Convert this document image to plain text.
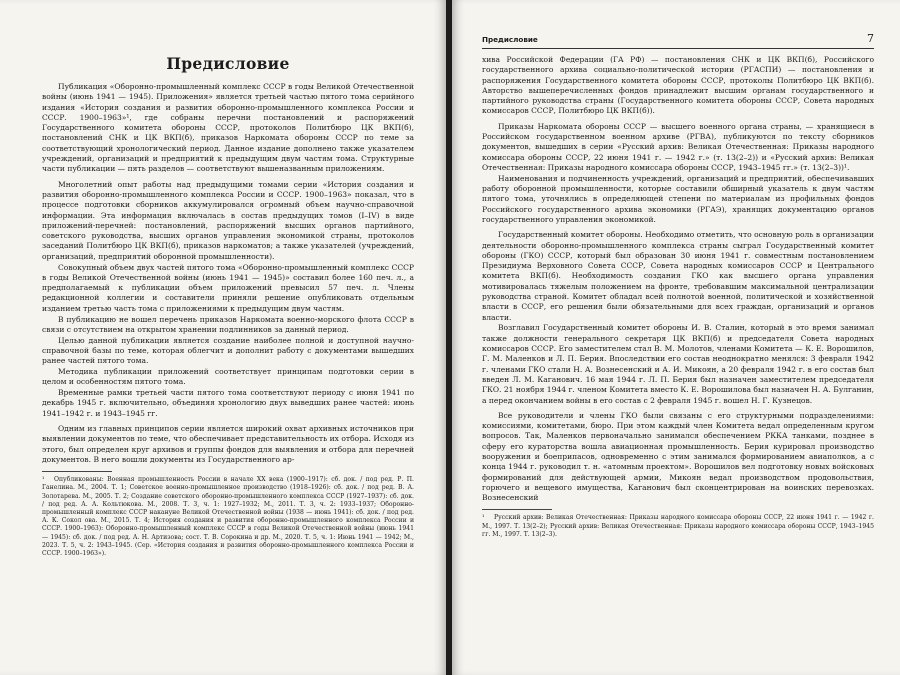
Предисловие

Публикация «Оборонно-промышленный комплекс СССР в годы Великой Отечественной войны (июнь 1941 — 1945). Приложения» является третьей частью пятого тома серийного издания «История создания и развития оборонно-промышленного комплекса России и СССР. 1900–1963»¹, где собраны перечни постановлений и распоряжений Государственного комитета обороны СССР, протоколов Политбюро ЦК ВКП(б), постановлений СНК и ЦК ВКП(б), приказов Наркомата обороны СССР по теме за соответствующий хронологический период. Данное издание дополнено также указателем учреждений, организаций и предприятий к предыдущим двум частям тома. Структурные части публикации — пять разделов — соответствуют вышеназванным приложениям.

Многолетний опыт работы над предыдущими томами серии «История создания и развития оборонно-промышленного комплекса России и СССР. 1900–1963» показал, что в процессе подготовки сборников аккумулировался огромный объем научно-справочной информации. Эта информация включалась в состав предыдущих томов (I–IV) в виде приложений-перечней: постановлений, распоряжений высших органов партийного, советского руководства, высших органов управления экономикой страны, протоколов заседаний Политбюро ЦК ВКП(б), приказов наркоматов; а также указателей (учреждений, организаций, предприятий оборонной промышленности).

Совокупный объем двух частей пятого тома «Оборонно-промышленный комплекс СССР в годы Великой Отечественной войны (июнь 1941 — 1945)» составил более 160 печ. л., а предполагаемый к публикации объем приложений превысил 57 печ. л. Члены редакционной коллегии и составители приняли решение опубликовать отдельным изданием третью часть тома с приложениями к предыдущим двум частям.

В публикацию не вошел перечень приказов Наркомата военно-морского флота СССР в связи с отсутствием на открытом хранении подлинников за данный период.

Целью данной публикации является создание наиболее полной и доступной научно-справочной базы по теме, которая облегчит и дополнит работу с документами вышедших ранее частей пятого тома.

Методика публикации приложений соответствует принципам подготовки серии в целом и особенностям пятого тома.

Временные рамки третьей части пятого тома соответствуют периоду с июня 1941 по декабрь 1945 г. включительно, объединяя хронологию двух выведших ранее частей: июнь 1941–1942 г. и 1943–1945 гг.

Одним из главных принципов серии является широкий охват архивных источников при выявлении документов по теме, что обеспечивает представительность их отбора. Исходя из этого, был определен круг архивов и группы фондов для выявления и отбора для перечней документов. В него вошли документы из Государственного ар-

¹ Опубликованы: Военная промышленность России в начале XX века (1900–1917): сб. док. / под ред. Р. П. Ганелина. М., 2004. Т. 1; Советское военно-промышленное производство (1918–1926): сб. док. / под ред. В. А. Золотарева. М., 2005. Т. 2; Создание советского оборонно-промышленного комплекса СССР (1927–1937): сб. док. / под ред. А. А. Кольтюкова. М., 2008. Т. 3, ч. 1: 1927–1932; М., 2011. Т. 3, ч. 2: 1933–1937; Оборонно-промышленный комплекс СССР накануне Великой Отечественной войны (1938 — июнь 1941): сб. док. / под ред. А. К. Сокол ова. М., 2015. Т. 4; История создания и развития оборонно-промышленного комплекса России и СССР. 1900–1963): Оборонно-промышленный комплекс СССР в годы Великой Отечественной войны (июнь 1941 — 1945): сб. док. / под ред. А. Н. Артизова; сост. Т. В. Сорокина и др. М., 2020. Т. 5, ч. 1: Июнь 1941 — 1942; М., 2023. Т. 5, ч. 2: 1943–1945. (Сер. «История создания и развития оборонно-промышленного комплекса России и СССР. 1900–1963»).

Предисловие	7

хива Российской Федерации (ГА РФ) — постановления СНК и ЦК ВКП(б), Российского государственного архива социально-политической истории (РГАСПИ) — постановления и распоряжения Государственного комитета обороны СССР, протоколы Политбюро ЦК ВКП(б). Авторство вышеперечисленных фондов принадлежит высшим органам государственного и партийного руководства страны (Государственного комитета обороны СССР, Совета народных комиссаров СССР, Политбюро ЦК ВКП(б)).

Приказы Наркомата обороны СССР — высшего военного органа страны, — хранящиеся в Российском государственном военном архиве (РГВА), публикуются по тексту сборников документов, вышедших в серии «Русский архив: Великая Отечественная: Приказы народного комиссара обороны СССР, 22 июня 1941 г. — 1942 г.» (т. 13(2–2)) и «Русский архив: Великая Отечественная: Приказы народного комиссара обороны СССР, 1943–1945 гг.» (т. 13(2–3))¹.

Наименования и подчиненность учреждений, организаций и предприятий, обеспечивавших работу оборонной промышленности, которые составили обширный указатель к двум частям пятого тома, уточнялись в определяющей степени по материалам из профильных фондов Российского государственного архива экономики (РГАЭ), хранящих документацию органов государственного управления экономикой.

Государственный комитет обороны. Необходимо отметить, что основную роль в организации деятельности оборонно-промышленного комплекса страны сыграл Государственный комитет обороны (ГКО) СССР, который был образован 30 июня 1941 г. совместным постановлением Президиума Верховного Совета СССР, Совета народных комиссаров СССР и Центрального комитета ВКП(б). Необходимость создания ГКО как высшего органа управления мотивировалась тяжелым положением на фронте, требовавшим максимальной централизации руководства страной. Комитет обладал всей полнотой военной, политической и хозяйственной власти в СССР, его решения были обязательными для всех граждан, организаций и органов власти.

Возглавил Государственный комитет обороны И. В. Сталин, который в это время занимал также должности генерального секретаря ЦК ВКП(б) и председателя Совета народных комиссаров СССР. Его заместителем стал В. М. Молотов, членами Комитета — К. Е. Ворошилов, Г. М. Маленков и Л. П. Берия. Впоследствии его состав неоднократно менялся: 3 февраля 1942 г. членами ГКО стали Н. А. Вознесенский и А. И. Микоян, а 20 февраля 1942 г. в его состав был введен Л. М. Каганович. 16 мая 1944 г. Л. П. Берия был назначен заместителем председателя ГКО. 21 ноября 1944 г. членом Комитета вместо К. Е. Ворошилова был назначен Н. А. Булганин, а перед окончанием войны в его состав с 2 февраля 1945 г. вошел Н. Г. Кузнецов.

Все руководители и члены ГКО были связаны с его структурными подразделениями: комиссиями, комитетами, бюро. При этом каждый член Комитета ведал определенным кругом вопросов. Так, Маленков первоначально занимался обеспечением РККА танками, позднее в сферу его кураторства вошла авиационная промышленность. Берия курировал производство вооружения и боеприпасов, одновременно с этим занимался формированием авиаполков, а с конца 1944 г. руководил т. н. «атомным проектом». Ворошилов вел подготовку новых войсковых формирований для действующей армии, Микоян ведал производством продовольствия, горючего и вещевого имущества, Каганович был сконцентрирован на воинских перевозках. Вознесенский

¹ Русский архив: Великая Отечественная: Приказы народного комиссара обороны СССР, 22 июня 1941 г. — 1942 г. М., 1997. Т. 13(2–2); Русский архив: Великая Отечественная: Приказы народного комиссара обороны СССР, 1943–1945 гг. М., 1997. Т. 13(2–3).
